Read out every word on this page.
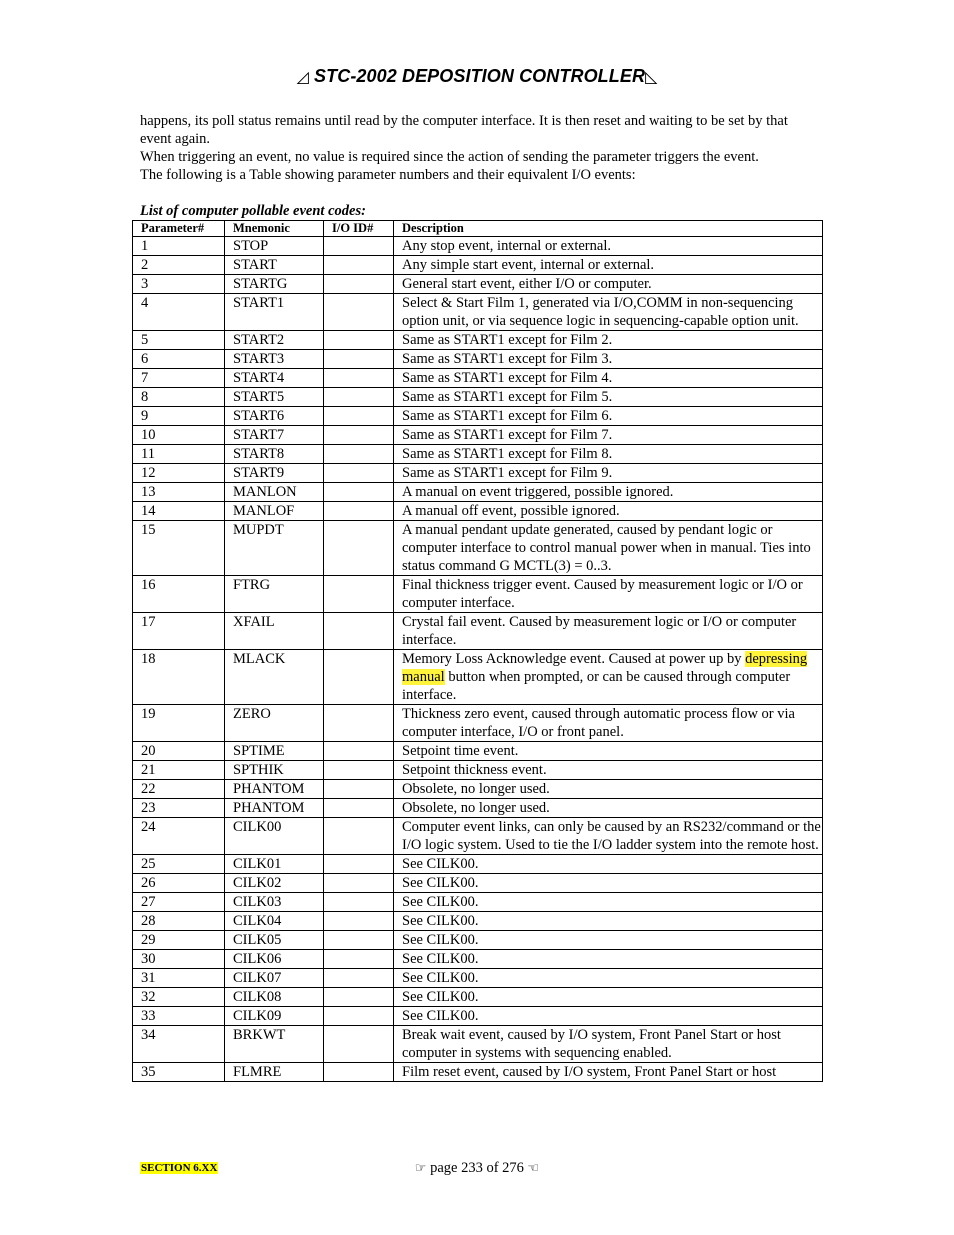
◿ STC-2002 DEPOSITION CONTROLLER◺

happens, its poll status remains until read by the computer interface. It is then reset and waiting to be set by that event again.

When triggering an event, no value is required since the action of sending the parameter triggers the event.

The following is a Table showing parameter numbers and their equivalent I/O events:

List of computer pollable event codes:
Parameter#	Mnemonic	I/O ID#	Description
1	STOP		Any stop event, internal or external.
2	START		Any simple start event, internal or external.
3	STARTG		General start event, either I/O or computer.
4	START1		Select & Start Film 1, generated via I/O,COMM in non-sequencing option unit, or via sequence logic in sequencing-capable option unit.
5	START2		Same as START1 except for Film 2.
6	START3		Same as START1 except for Film 3.
7	START4		Same as START1 except for Film 4.
8	START5		Same as START1 except for Film 5.
9	START6		Same as START1 except for Film 6.
10	START7		Same as START1 except for Film 7.
11	START8		Same as START1 except for Film 8.
12	START9		Same as START1 except for Film 9.
13	MANLON		A manual on event triggered, possible ignored.
14	MANLOF		A manual off event, possible ignored.
15	MUPDT		A manual pendant update generated, caused by pendant logic or computer interface to control manual power when in manual. Ties into status command G MCTL(3) = 0..3.
16	FTRG		Final thickness trigger event. Caused by measurement logic or I/O or computer interface.
17	XFAIL		Crystal fail event. Caused by measurement logic or I/O or computer interface.
18	MLACK		Memory Loss Acknowledge event. Caused at power up by depressing manual button when prompted, or can be caused through computer interface.
19	ZERO		Thickness zero event, caused through automatic process flow or via computer interface, I/O or front panel.
20	SPTIME		Setpoint time event.
21	SPTHIK		Setpoint thickness event.
22	PHANTOM		Obsolete, no longer used.
23	PHANTOM		Obsolete, no longer used.
24	CILK00		Computer event links, can only be caused by an RS232/command or the I/O logic system. Used to tie the I/O ladder system into the remote host.
25	CILK01		See CILK00.
26	CILK02		See CILK00.
27	CILK03		See CILK00.
28	CILK04		See CILK00.
29	CILK05		See CILK00.
30	CILK06		See CILK00.
31	CILK07		See CILK00.
32	CILK08		See CILK00.
33	CILK09		See CILK00.
34	BRKWT		Break wait event, caused by I/O system, Front Panel Start or host computer in systems with sequencing enabled.
35	FLMRE		Film reset event, caused by I/O system, Front Panel Start or host
SECTION 6.XX	☞ page 233 of 276 ☜
